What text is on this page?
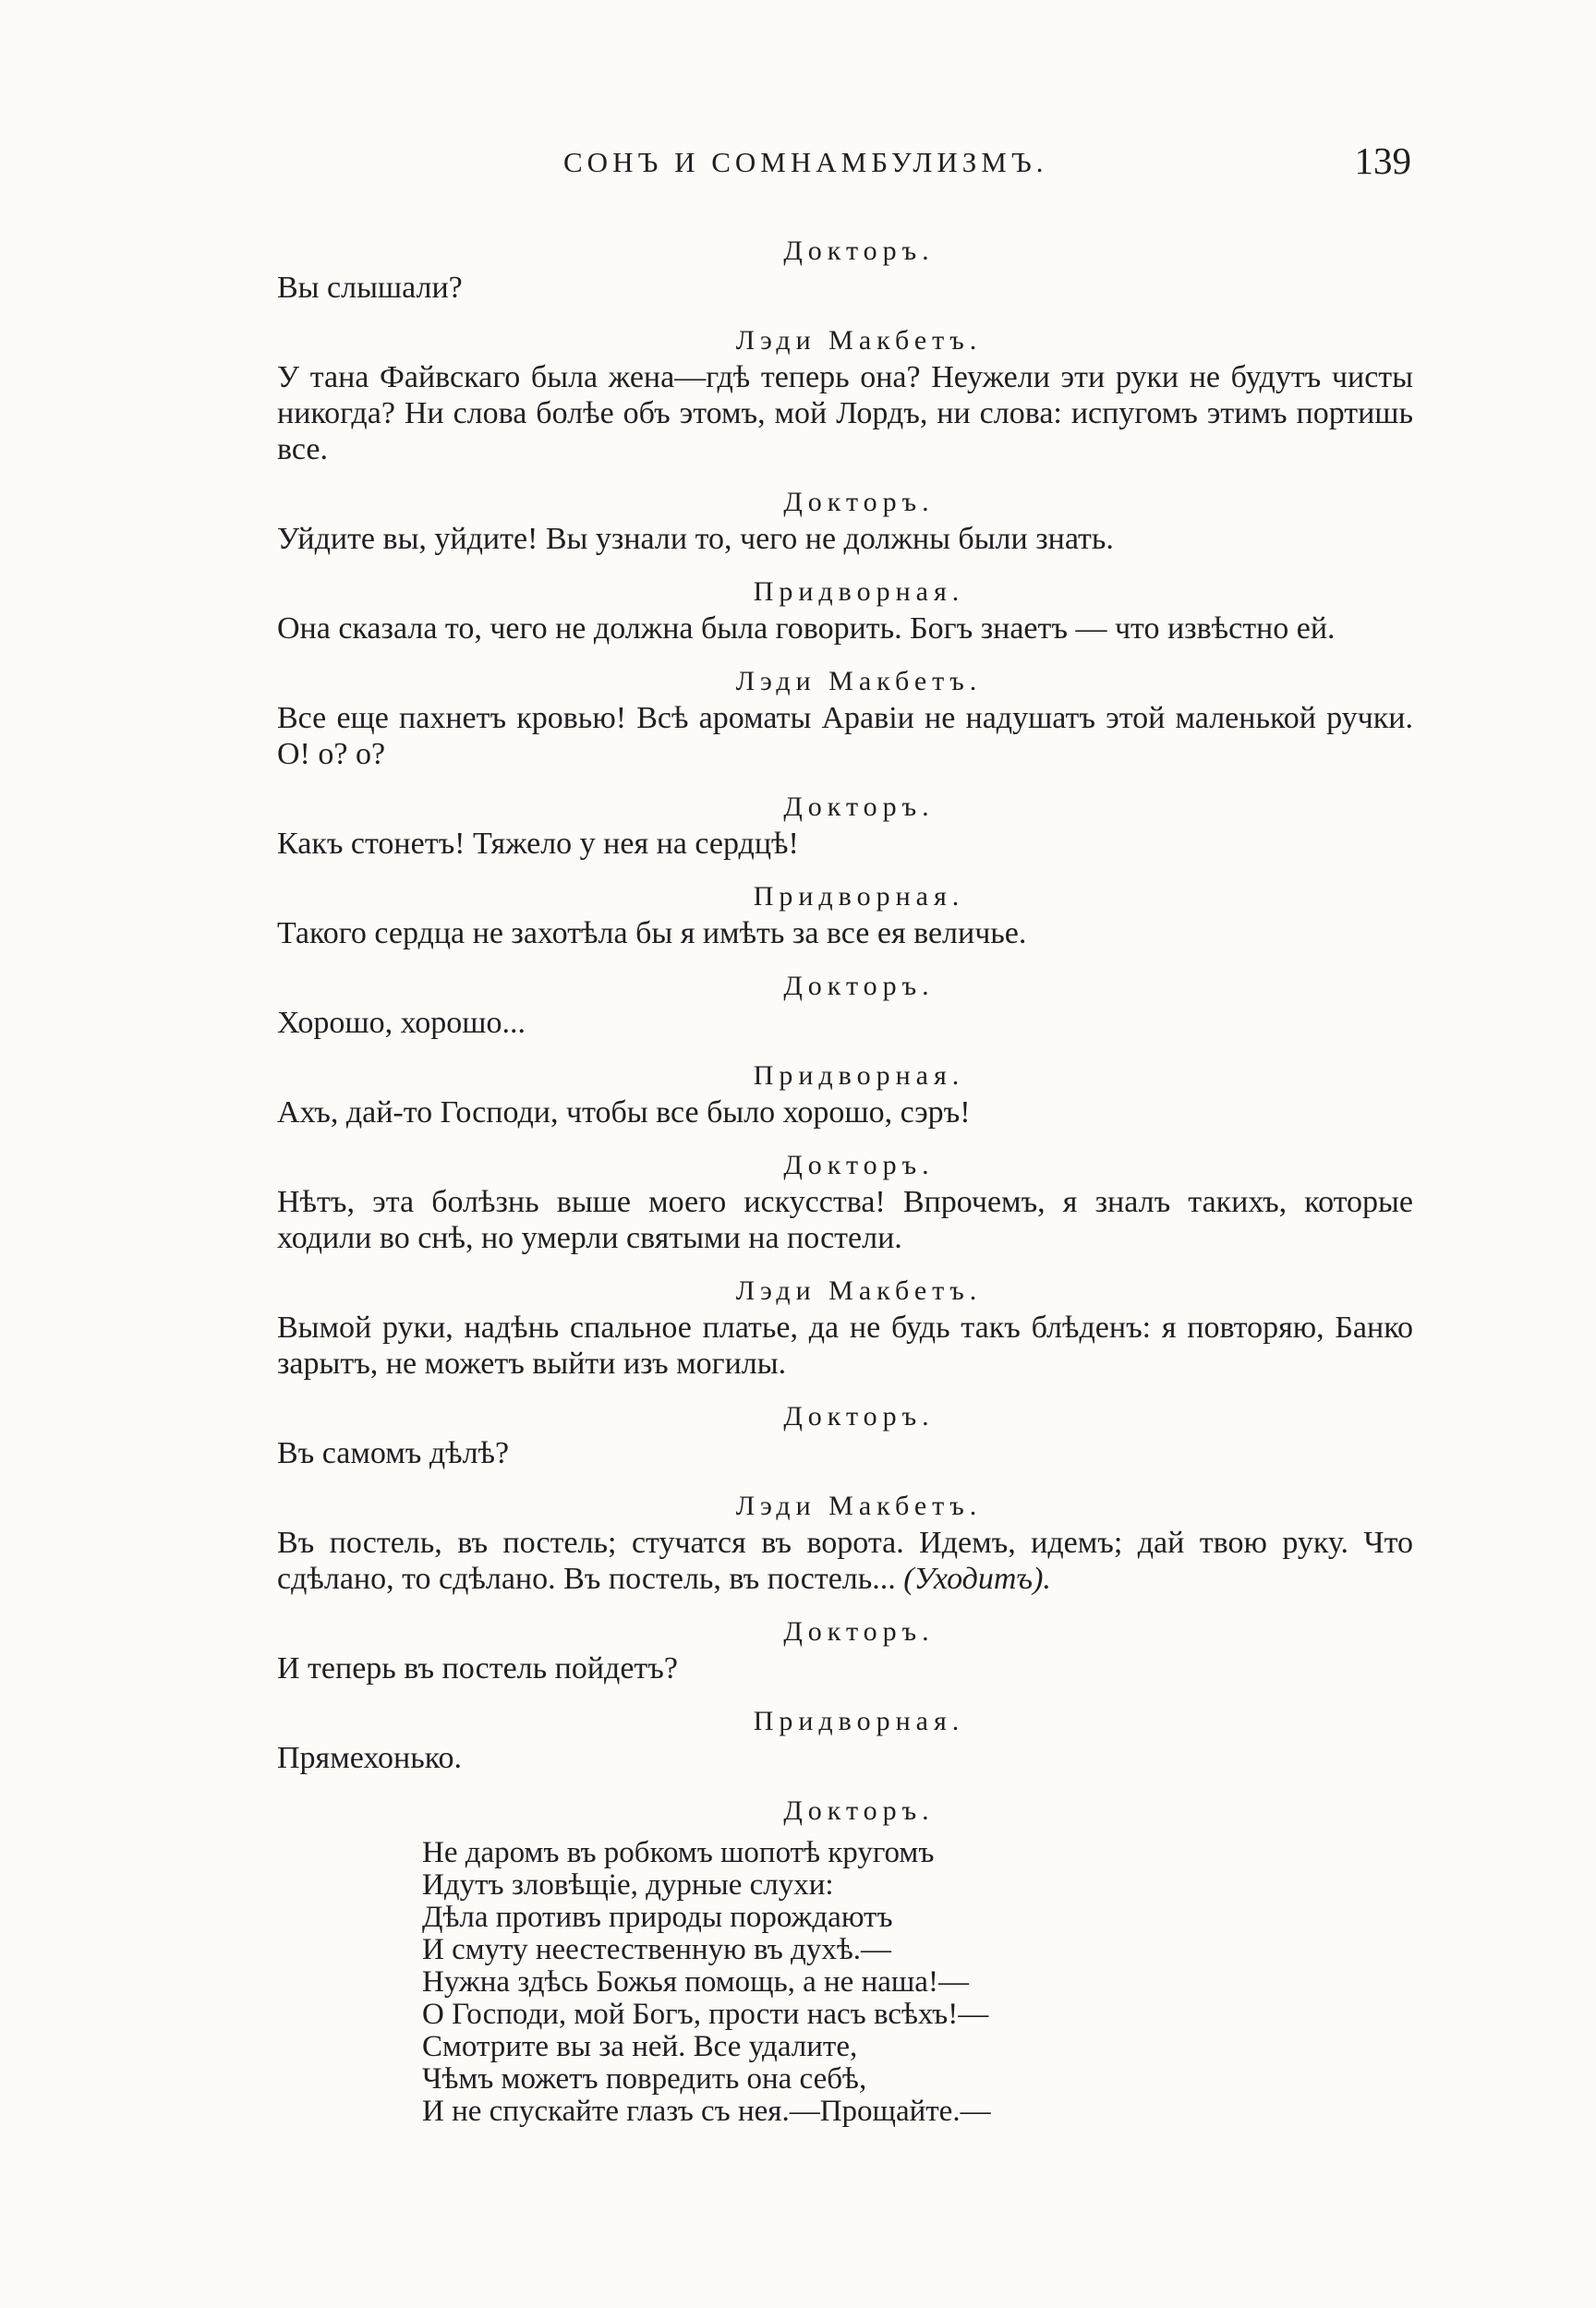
СОНЪ И СОМНАМБУЛИЗМЪ.	139
Докторъ.

Вы слышали?

Лэди Макбетъ.

У тана Файвскаго была жена—гдѣ теперь она? Неужели эти руки не будутъ чисты никогда? Ни слова болѣе объ этомъ, мой Лордъ, ни слова: испугомъ этимъ портишь все.

Докторъ.

Уйдите вы, уйдите! Вы узнали то, чего не должны были знать.

Придворная.

Она сказала то, чего не должна была говорить. Богъ знаетъ — что извѣстно ей.

Лэди Макбетъ.

Все еще пахнетъ кровью! Всѣ ароматы Аравіи не надушатъ этой маленькой ручки. О! о? о?

Докторъ.

Какъ стонетъ! Тяжело у нея на сердцѣ!

Придворная.

Такого сердца не захотѣла бы я имѣть за все ея величье.

Докторъ.

Хорошо, хорошо...

Придворная.

Ахъ, дай-то Господи, чтобы все было хорошо, сэръ!

Докторъ.

Нѣтъ, эта болѣзнь выше моего искусства! Впрочемъ, я зналъ такихъ, которые ходили во снѣ, но умерли святыми на постели.

Лэди Макбетъ.

Вымой руки, надѣнь спальное платье, да не будь такъ блѣденъ: я повторяю, Банко зарытъ, не можетъ выйти изъ могилы.

Докторъ.

Въ самомъ дѣлѣ?

Лэди Макбетъ.

Въ постель, въ постель; стучатся въ ворота. Идемъ, идемъ; дай твою руку. Что сдѣлано, то сдѣлано. Въ постель, въ постель... (Уходитъ).

Докторъ.

И теперь въ постель пойдетъ?

Придворная.

Прямехонько.

Докторъ.
Не даромъ въ робкомъ шопотѣ кругомъ
Идутъ зловѣщіе, дурные слухи:
Дѣла противъ природы порождаютъ
И смуту неестественную въ духѣ.—
Нужна здѣсь Божья помощь, а не наша!—
О Господи, мой Богъ, прости насъ всѣхъ!—
Смотрите вы за ней. Все удалите,
Чѣмъ можетъ повредить она себѣ,
И не спускайте глазъ съ нея.—Прощайте.—
